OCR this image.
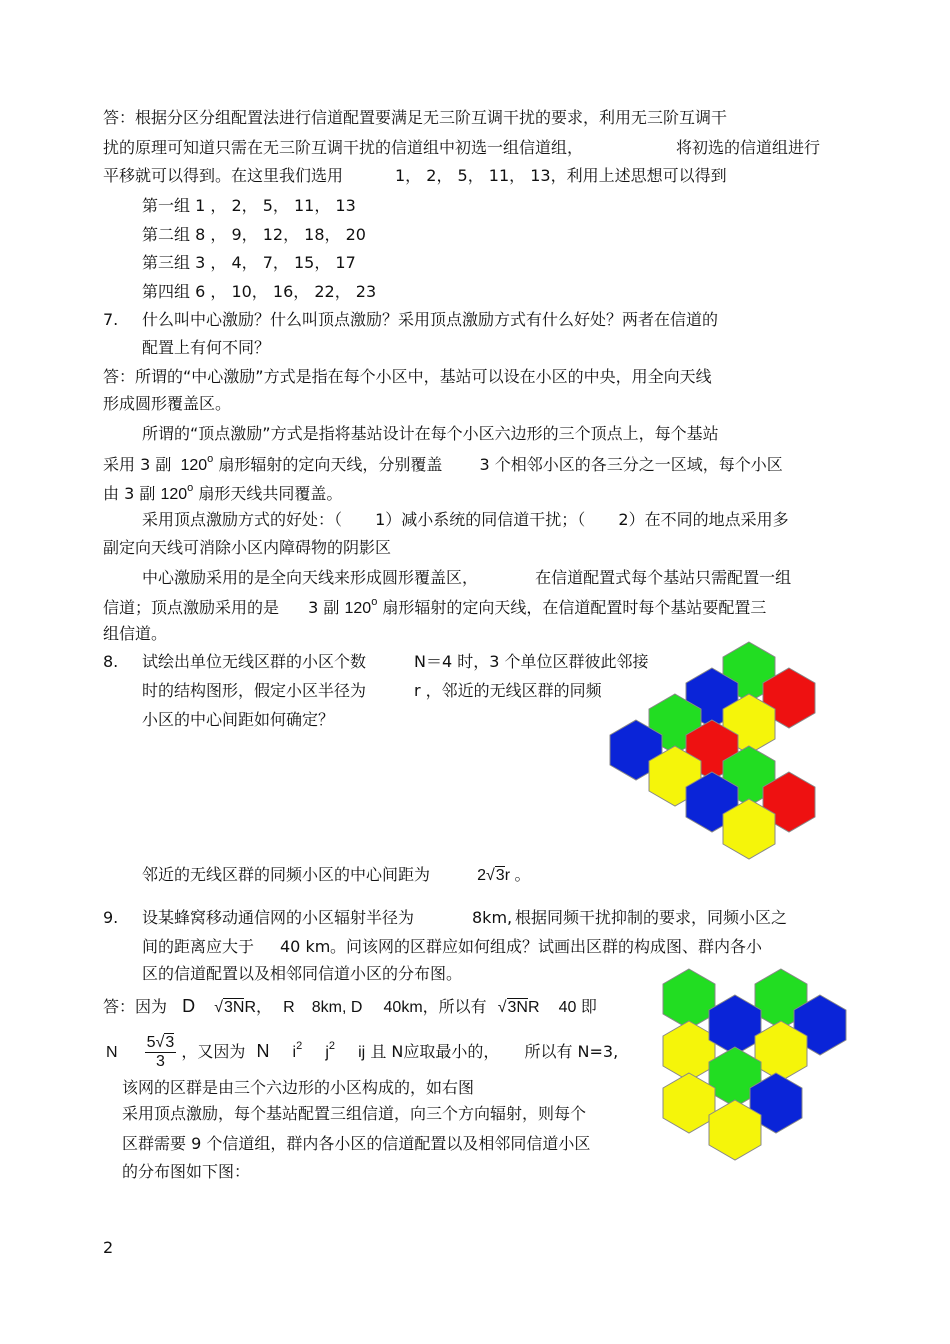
答：根据分区分组配置法进行信道配置要满足无三阶互调干扰的要求，利用无三阶互调干
扰的原理可知道只需在无三阶互调干扰的信道组中初选一组信道组，	将初选的信道组进行
平移就可以得到。在这里我们选用	1， 2， 5， 11， 13，利用上述思想可以得到
第一组 1 ， 2， 5， 11， 13
第二组 8 ， 9， 12， 18， 20
第三组 3 ， 4， 7， 15， 17
第四组 6 ， 10， 16， 22， 23
7. 什么叫中心激励？什么叫顶点激励？采用顶点激励方式有什么好处？两者在信道的
配置上有何不同？
答：所谓的“中心激励”方式是指在每个小区中，基站可以设在小区的中央，用全向天线
形成圆形覆盖区。
所谓的“顶点激励”方式是指将基站设计在每个小区六边形的三个顶点上，每个基站
采用 3 副 120$^o$ 扇形辐射的定向天线，分别覆盖 3 个相邻小区的各三分之一区域，每个小区
由 3 副 120$^o$ 扇形天线共同覆盖。
采用顶点激励方式的好处：（ 1）减小系统的同信道干扰；（ 2）在不同的地点采用多
副定向天线可消除小区内障碍物的阴影区
中心激励采用的是全向天线来形成圆形覆盖区，	在信道配置式每个基站只需配置一组
信道；顶点激励采用的是 3 副 120$^o$ 扇形辐射的定向天线，在信道配置时每个基站要配置三
组信道。
8. 试绘出单位无线区群的小区个数	N＝4 时，3 个单位区群彼此邻接
时的结构图形，假定小区半径为	r ，邻近的无线区群的同频
小区的中心间距如何确定？
邻近的无线区群的同频小区的中心间距为	2√3r 。
9. 设某蜂窝移动通信网的小区辐射半径为	8km, 根据同频干扰抑制的要求，同频小区之
间的距离应大于 40 km 。问该网的区群应如何组成？试画出区群的构成图、群内各小
区的信道配置以及相邻同信道小区的分布图。
答：因为 D √3NR， R 8km, D 40km，所以有 √3NR 40 即
N $\frac{5√3}{3}$ ，又因为 N $i^2$ $j^2$ ij 且 N应取最小的， 所以有 N=3,
该网的区群是由三个六边形的小区构成的，如右图
采用顶点激励，每个基站配置三组信道，向三个方向辐射，则每个
区群需要 9 个信道组，群内各小区的信道配置以及相邻同信道小区
的分布图如下图：
2
